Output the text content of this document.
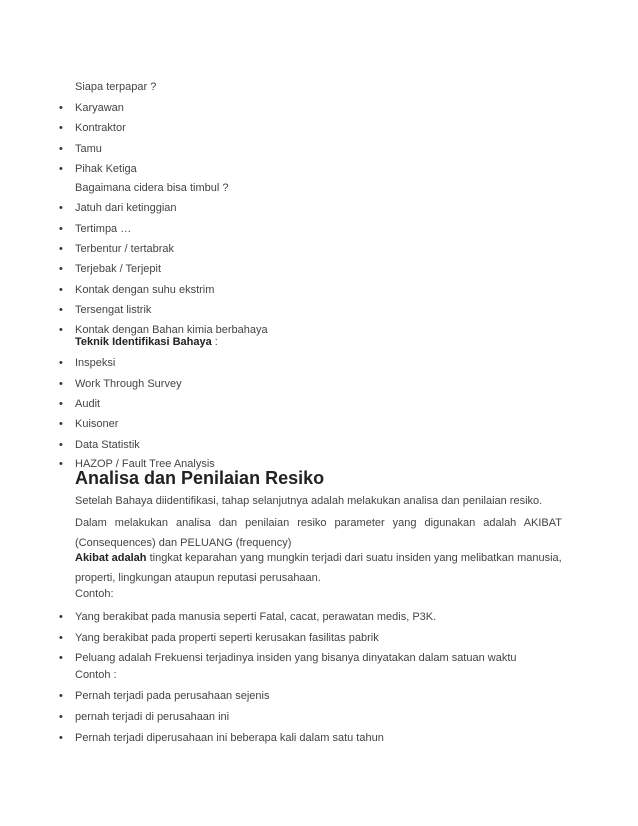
Siapa terpapar ?
• Karyawan
• Kontraktor
• Tamu
• Pihak Ketiga
Bagaimana cidera bisa timbul ?
• Jatuh dari ketinggian
• Tertimpa …
• Terbentur / tertabrak
• Terjebak / Terjepit
• Kontak dengan suhu ekstrim
• Tersengat listrik
• Kontak dengan Bahan kimia berbahaya
Teknik Identifikasi Bahaya :
• Inspeksi
• Work Through Survey
• Audit
• Kuisoner
• Data Statistik
• HAZOP / Fault Tree Analysis
Analisa dan Penilaian Resiko
Setelah Bahaya diidentifikasi, tahap selanjutnya adalah melakukan analisa dan penilaian resiko.
Dalam melakukan analisa dan penilaian resiko parameter yang digunakan adalah AKIBAT
(Consequences) dan PELUANG (frequency)
Akibat adalah tingkat keparahan yang mungkin terjadi dari suatu insiden yang melibatkan manusia,
properti, lingkungan ataupun reputasi perusahaan.
Contoh:
• Yang berakibat pada manusia seperti Fatal, cacat, perawatan medis, P3K.
• Yang berakibat pada properti seperti kerusakan fasilitas pabrik
• Peluang adalah Frekuensi terjadinya insiden yang bisanya dinyatakan dalam satuan waktu
Contoh :
• Pernah terjadi pada perusahaan sejenis
• pernah terjadi di perusahaan ini
• Pernah terjadi diperusahaan ini beberapa kali dalam satu tahun
